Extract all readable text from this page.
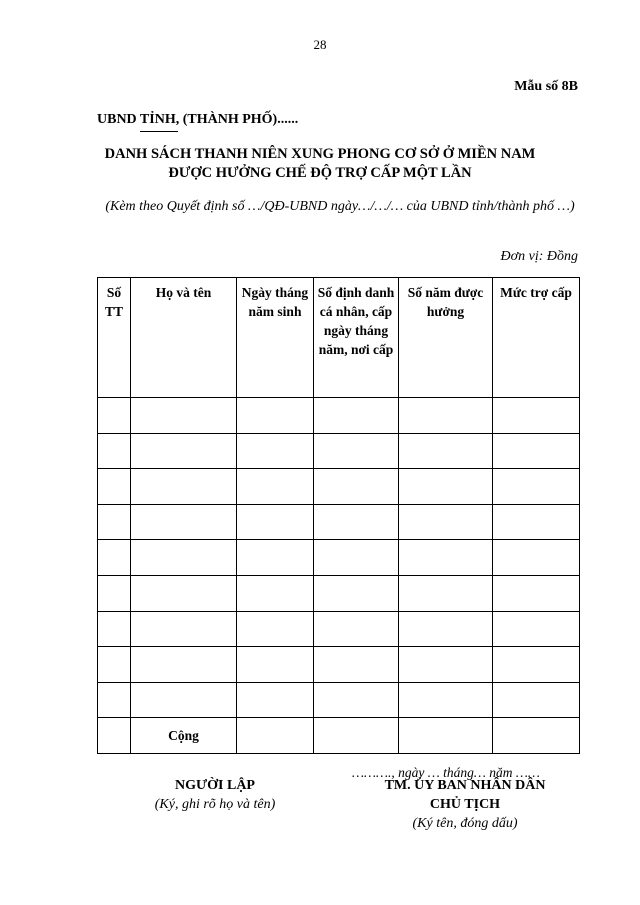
28
Mẫu số 8B
UBND TỈNH, (THÀNH PHỐ)......
DANH SÁCH THANH NIÊN XUNG PHONG CƠ SỞ Ở MIỀN NAM
ĐƯỢC HƯỞNG CHẾ ĐỘ TRỢ CẤP MỘT LẦN
(Kèm theo Quyết định số …/QĐ-UBND ngày…/…/… của UBND tỉnh/thành phố …)
Đơn vị: Đồng
Số TT	Họ và tên	Ngày tháng năm sinh	Số định danh cá nhân, cấp ngày tháng năm, nơi cấp	Số năm được hưởng	Mức trợ cấp

	Cộng				
………., ngày … tháng… năm ……
NGƯỜI LẬP
(Ký, ghi rõ họ và tên)
TM. ỦY BAN NHÂN DÂN
CHỦ TỊCH
(Ký tên, đóng dấu)
